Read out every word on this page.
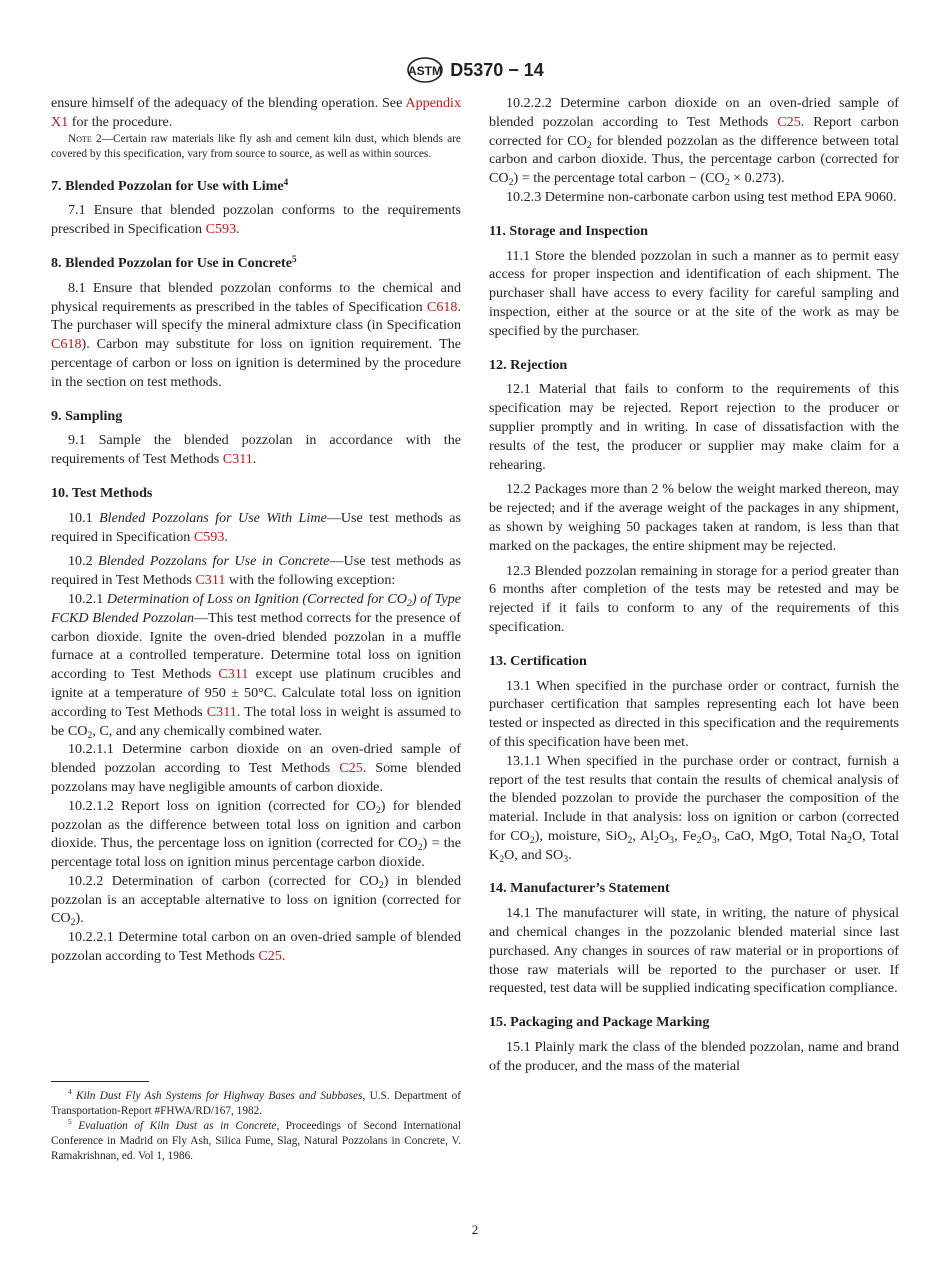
ASTM D5370 − 14
ensure himself of the adequacy of the blending operation. See Appendix X1 for the procedure.
Note 2—Certain raw materials like fly ash and cement kiln dust, which blends are covered by this specification, vary from source to source, as well as within sources.
7. Blended Pozzolan for Use with Lime$^4$
7.1 Ensure that blended pozzolan conforms to the requirements prescribed in Specification C593.
8. Blended Pozzolan for Use in Concrete$^5$
8.1 Ensure that blended pozzolan conforms to the chemical and physical requirements as prescribed in the tables of Specification C618. The purchaser will specify the mineral admixture class (in Specification C618). Carbon may substitute for loss on ignition requirement. The percentage of carbon or loss on ignition is determined by the procedure in the section on test methods.
9. Sampling
9.1 Sample the blended pozzolan in accordance with the requirements of Test Methods C311.
10. Test Methods
10.1 Blended Pozzolans for Use With Lime—Use test methods as required in Specification C593.
10.2 Blended Pozzolans for Use in Concrete—Use test methods as required in Test Methods C311 with the following exception:
10.2.1 Determination of Loss on Ignition (Corrected for $CO_2$) of Type FCKD Blended Pozzolan—This test method corrects for the presence of carbon dioxide. Ignite the oven-dried blended pozzolan in a muffle furnace at a controlled temperature. Determine total loss on ignition according to Test Methods C311 except use platinum crucibles and ignite at a temperature of 950 ± 50°C. Calculate total loss on ignition according to Test Methods C311. The total loss in weight is assumed to be $CO_2$, C, and any chemically combined water.
10.2.1.1 Determine carbon dioxide on an oven-dried sample of blended pozzolan according to Test Methods C25. Some blended pozzolans may have negligible amounts of carbon dioxide.
10.2.1.2 Report loss on ignition (corrected for $CO_2$) for blended pozzolan as the difference between total loss on ignition and carbon dioxide. Thus, the percentage loss on ignition (corrected for $CO_2$) = the percentage total loss on ignition minus percentage carbon dioxide.
10.2.2 Determination of carbon (corrected for $CO_2$) in blended pozzolan is an acceptable alternative to loss on ignition (corrected for $CO_2$).
10.2.2.1 Determine total carbon on an oven-dried sample of blended pozzolan according to Test Methods C25.
10.2.2.2 Determine carbon dioxide on an oven-dried sample of blended pozzolan according to Test Methods C25. Report carbon corrected for $CO_2$ for blended pozzolan as the difference between total carbon and carbon dioxide. Thus, the percentage carbon (corrected for $CO_2$) = the percentage total carbon − $(CO_2 \times 0.273)$.
10.2.3 Determine non-carbonate carbon using test method EPA 9060.
11. Storage and Inspection
11.1 Store the blended pozzolan in such a manner as to permit easy access for proper inspection and identification of each shipment. The purchaser shall have access to every facility for careful sampling and inspection, either at the source or at the site of the work as may be specified by the purchaser.
12. Rejection
12.1 Material that fails to conform to the requirements of this specification may be rejected. Report rejection to the producer or supplier promptly and in writing. In case of dissatisfaction with the results of the test, the producer or supplier may make claim for a rehearing.
12.2 Packages more than 2 % below the weight marked thereon, may be rejected; and if the average weight of the packages in any shipment, as shown by weighing 50 packages taken at random, is less than that marked on the packages, the entire shipment may be rejected.
12.3 Blended pozzolan remaining in storage for a period greater than 6 months after completion of the tests may be retested and may be rejected if it fails to conform to any of the requirements of this specification.
13. Certification
13.1 When specified in the purchase order or contract, furnish the purchaser certification that samples representing each lot have been tested or inspected as directed in this specification and the requirements of this specification have been met.
13.1.1 When specified in the purchase order or contract, furnish a report of the test results that contain the results of chemical analysis of the blended pozzolan to provide the purchaser the composition of the material. Include in that analysis: loss on ignition or carbon (corrected for $CO_2$), moisture, SiO$_2$, $Al_2O_3$, $Fe_2O_3$, CaO, MgO, Total $Na_2O$, Total $K_2O$, and $SO_3$.
14. Manufacturer’s Statement
14.1 The manufacturer will state, in writing, the nature of physical and chemical changes in the pozzolanic blended material since last purchased. Any changes in sources of raw material or in proportions of those raw materials will be reported to the purchaser or user. If requested, test data will be supplied indicating specification compliance.
15. Packaging and Package Marking
15.1 Plainly mark the class of the blended pozzolan, name and brand of the producer, and the mass of the material
$^4$ Kiln Dust Fly Ash Systems for Highway Bases and Subbases, U.S. Department of Transportation-Report #FHWA/RD/167, 1982.
$^5$ Evaluation of Kiln Dust as in Concrete, Proceedings of Second International Conference in Madrid on Fly Ash, Silica Fume, Slag, Natural Pozzolans in Concrete, V. Ramakrishnan, ed. Vol 1, 1986.
2
